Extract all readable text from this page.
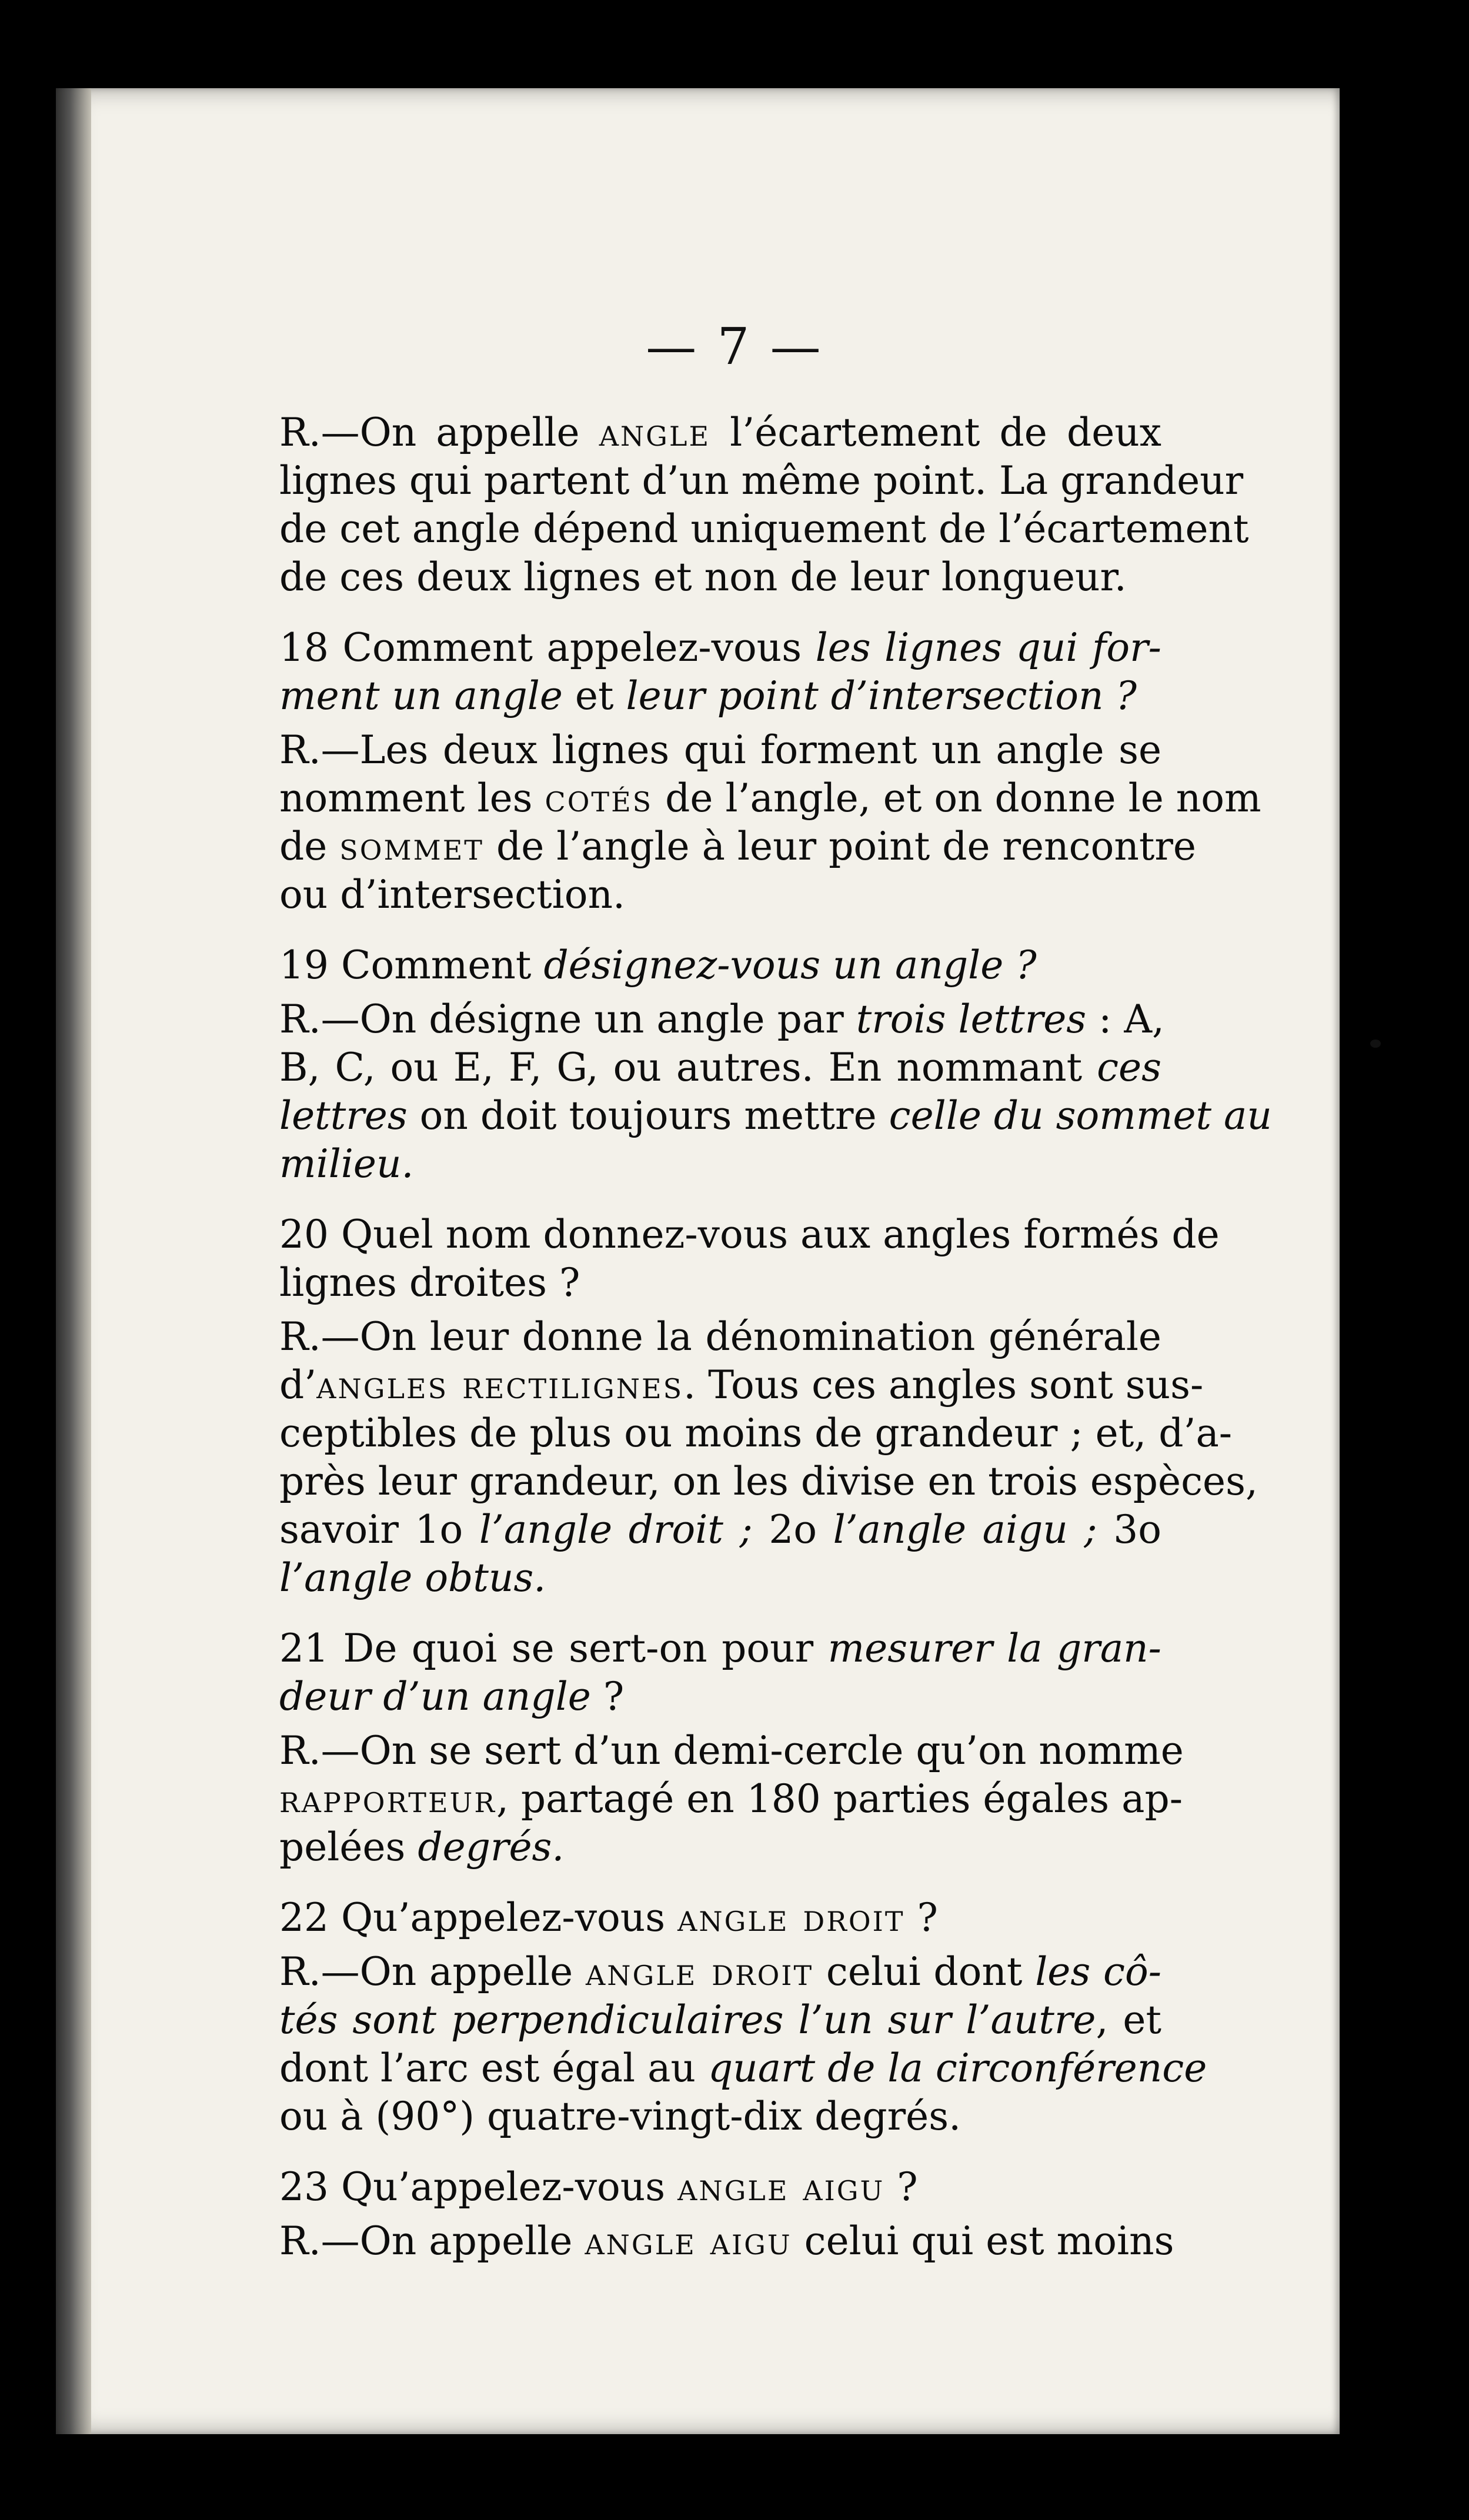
— 7 —
R.—On appelle angle l’écartement de deux
lignes qui partent d’un même point. La grandeur
de cet angle dépend uniquement de l’écartement
de ces deux lignes et non de leur longueur.
18 Comment appelez-vous les lignes qui for-
ment un angle et leur point d’intersection ?
R.—Les deux lignes qui forment un angle se
nomment les cotés de l’angle, et on donne le nom
de sommet de l’angle à leur point de rencontre
ou d’intersection.
19 Comment désignez-vous un angle ?
R.—On désigne un angle par trois lettres : A,
B, C, ou E, F, G, ou autres. En nommant ces
lettres on doit toujours mettre celle du sommet au
milieu.
20 Quel nom donnez-vous aux angles formés de
lignes droites ?
R.—On leur donne la dénomination générale
d’angles rectilignes. Tous ces angles sont sus-
ceptibles de plus ou moins de grandeur ; et, d’a-
près leur grandeur, on les divise en trois espèces,
savoir 1o l’angle droit ; 2o l’angle aigu ; 3o
l’angle obtus.
21 De quoi se sert-on pour mesurer la gran-
deur d’un angle ?
R.—On se sert d’un demi-cercle qu’on nomme
rapporteur, partagé en 180 parties égales ap-
pelées degrés.
22 Qu’appelez-vous angle droit ?
R.—On appelle angle droit celui dont les cô-
tés sont perpendiculaires l’un sur l’autre, et
dont l’arc est égal au quart de la circonférence
ou à (90°) quatre-vingt-dix degrés.
23 Qu’appelez-vous angle aigu ?
R.—On appelle angle aigu celui qui est moins
